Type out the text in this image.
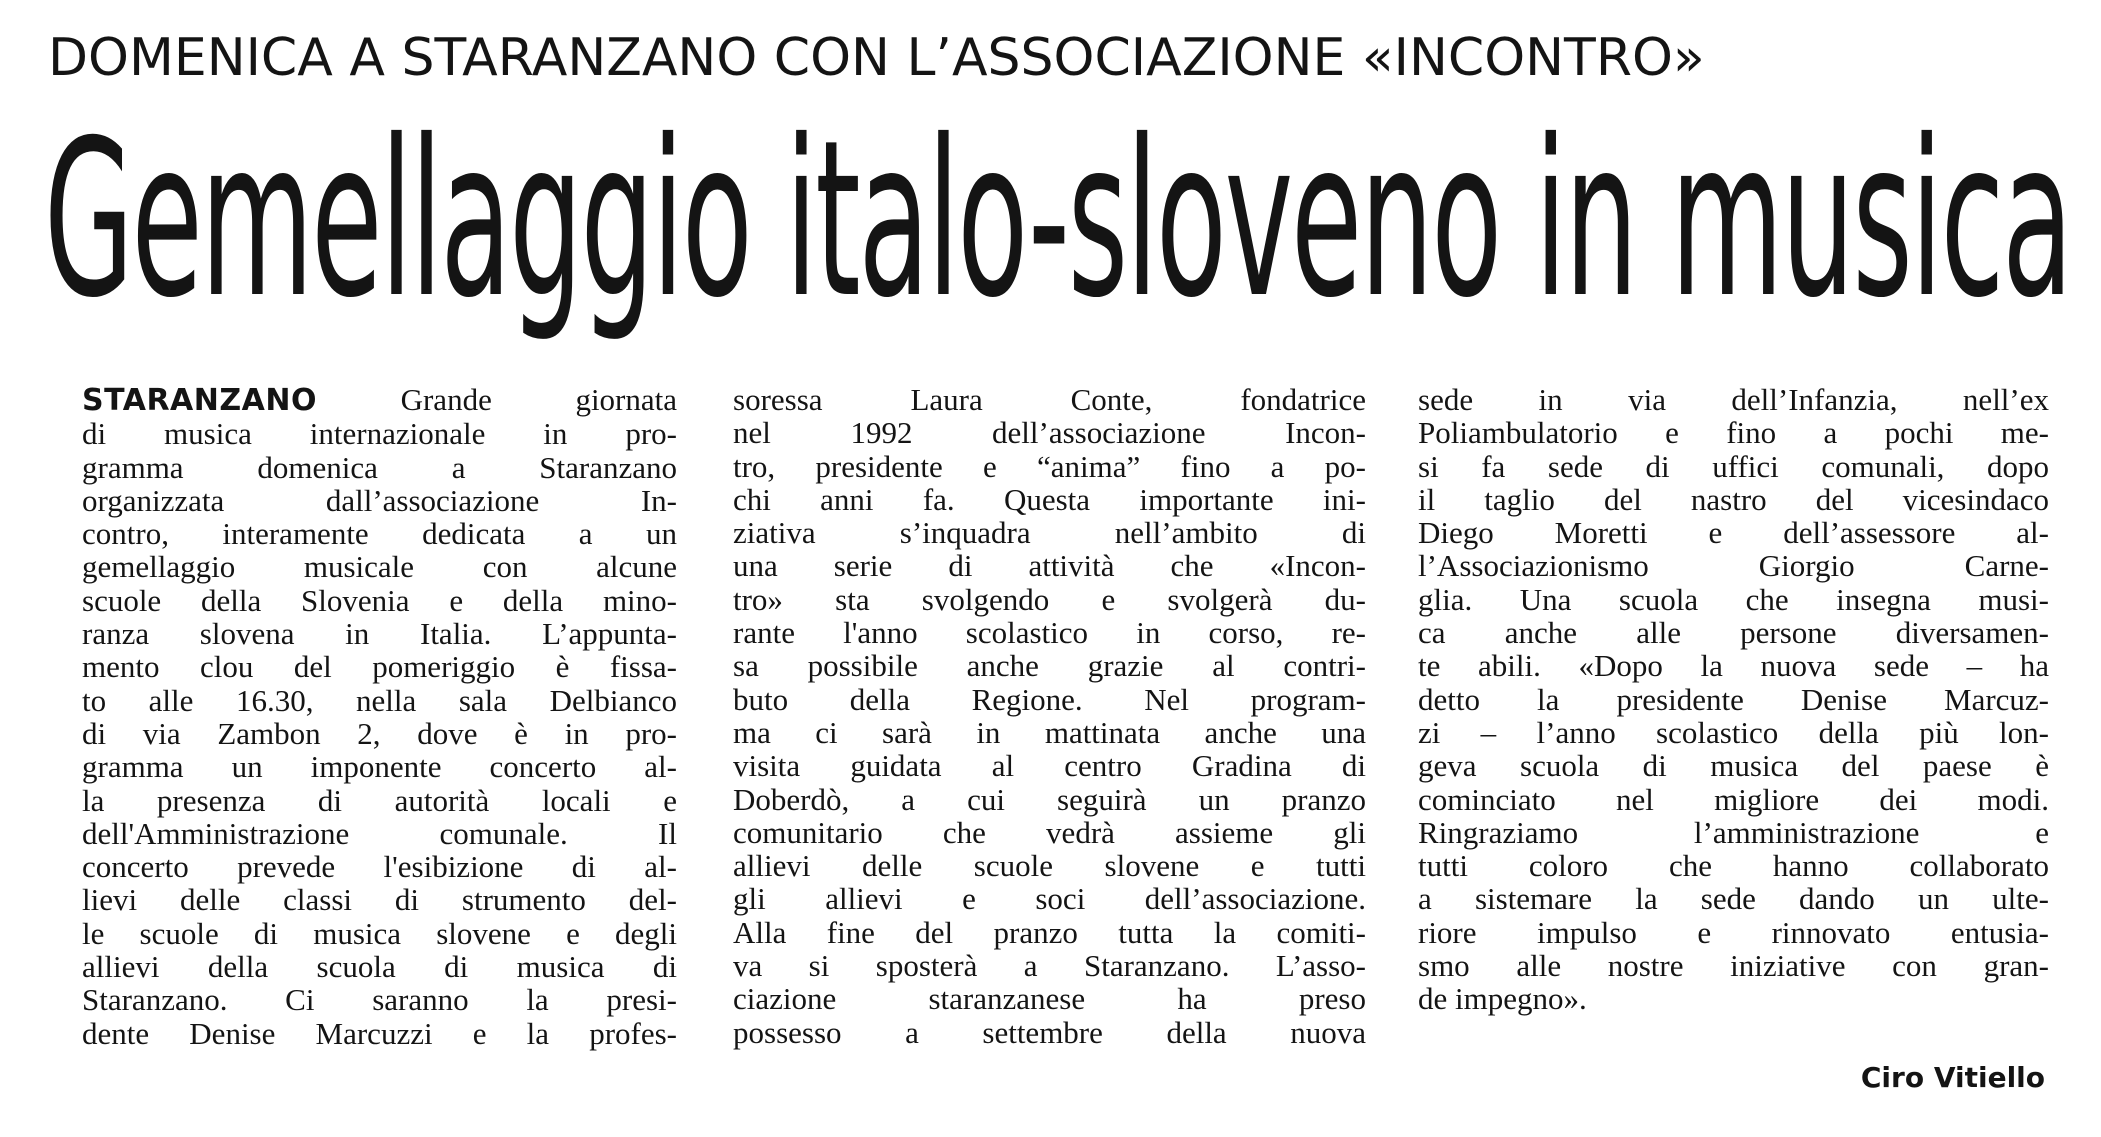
DOMENICA A STARANZANO CON L’ASSOCIAZIONE «INCONTRO»
Gemellaggio italo-sloveno in musica
STARANZANO	Grande giornata
di musica internazionale in pro-
gramma domenica a Staranzano
organizzata dall’associazione In-
contro, interamente dedicata a un
gemellaggio musicale con alcune
scuole della Slovenia e della mino-
ranza slovena in Italia. L’appunta-
mento clou del pomeriggio è fissa-
to alle 16.30, nella sala Delbianco
di via Zambon 2, dove è in pro-
gramma un imponente concerto al-
la presenza di autorità locali e
dell'Amministrazione comunale. Il
concerto prevede l'esibizione di al-
lievi delle classi di strumento del-
le scuole di musica slovene e degli
allievi della scuola di musica di
Staranzano. Ci saranno la presi-
dente Denise Marcuzzi e la profes-
soressa Laura Conte, fondatrice
nel 1992 dell’associazione Incon-
tro, presidente e “anima” fino a po-
chi anni fa. Questa importante ini-
ziativa s’inquadra nell’ambito di
una serie di attività che «Incon-
tro» sta svolgendo e svolgerà du-
rante l'anno scolastico in corso, re-
sa possibile anche grazie al contri-
buto della Regione. Nel program-
ma ci sarà in mattinata anche una
visita guidata al centro Gradina di
Doberdò, a cui seguirà un pranzo
comunitario che vedrà assieme gli
allievi delle scuole slovene e tutti
gli allievi e soci dell’associazione.
Alla fine del pranzo tutta la comiti-
va si sposterà a Staranzano. L’asso-
ciazione staranzanese ha preso
possesso a settembre della nuova
sede in via dell’Infanzia, nell’ex
Poliambulatorio e fino a pochi me-
si fa sede di uffici comunali, dopo
il taglio del nastro del vicesindaco
Diego Moretti e dell’assessore al-
l’Associazionismo Giorgio Carne-
glia. Una scuola che insegna musi-
ca anche alle persone diversamen-
te abili. «Dopo la nuova sede – ha
detto la presidente Denise Marcuz-
zi – l’anno scolastico della più lon-
geva scuola di musica del paese è
cominciato nel migliore dei modi.
Ringraziamo l’amministrazione e
tutti coloro che hanno collaborato
a sistemare la sede dando un ulte-
riore impulso e rinnovato entusia-
smo alle nostre iniziative con gran-
de impegno».
Ciro Vitiello
